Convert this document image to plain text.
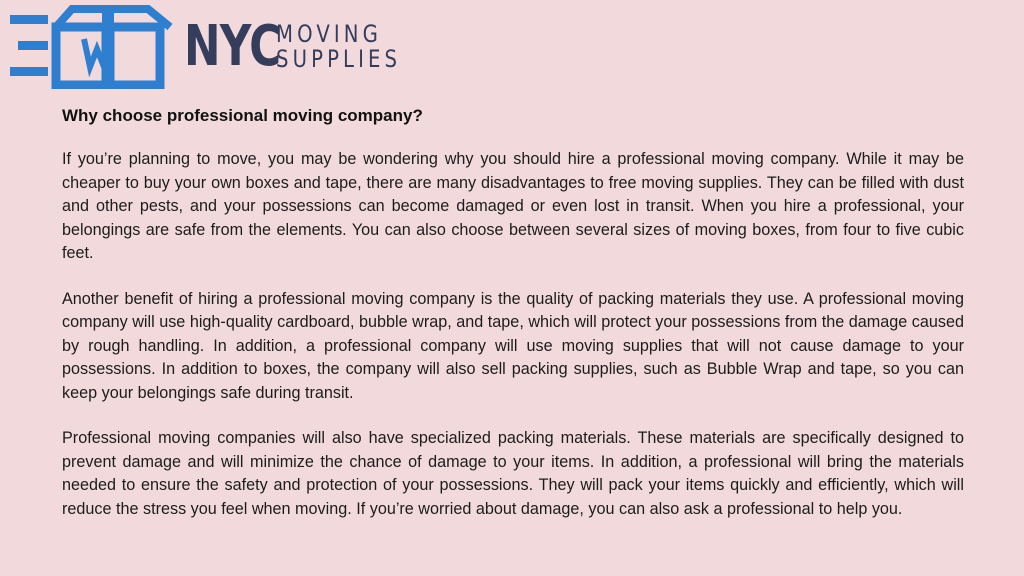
NYC
MOVING
SUPPLIES
Why choose professional moving company?

If you’re planning to move, you may be wondering why you should hire a professional moving company. While it may be cheaper to buy your own boxes and tape, there are many disadvantages to free moving supplies. They can be filled with dust and other pests, and your possessions can become damaged or even lost in transit. When you hire a professional, your belongings are safe from the elements. You can also choose between several sizes of moving boxes, from four to five cubic feet.

Another benefit of hiring a professional moving company is the quality of packing materials they use. A professional moving company will use high-quality cardboard, bubble wrap, and tape, which will protect your possessions from the damage caused by rough handling. In addition, a professional company will use moving supplies that will not cause damage to your possessions. In addition to boxes, the company will also sell packing supplies, such as Bubble Wrap and tape, so you can keep your belongings safe during transit.

Professional moving companies will also have specialized packing materials. These materials are specifically designed to prevent damage and will minimize the chance of damage to your items. In addition, a professional will bring the materials needed to ensure the safety and protection of your possessions. They will pack your items quickly and efficiently, which will reduce the stress you feel when moving. If you’re worried about damage, you can also ask a professional to help you.
